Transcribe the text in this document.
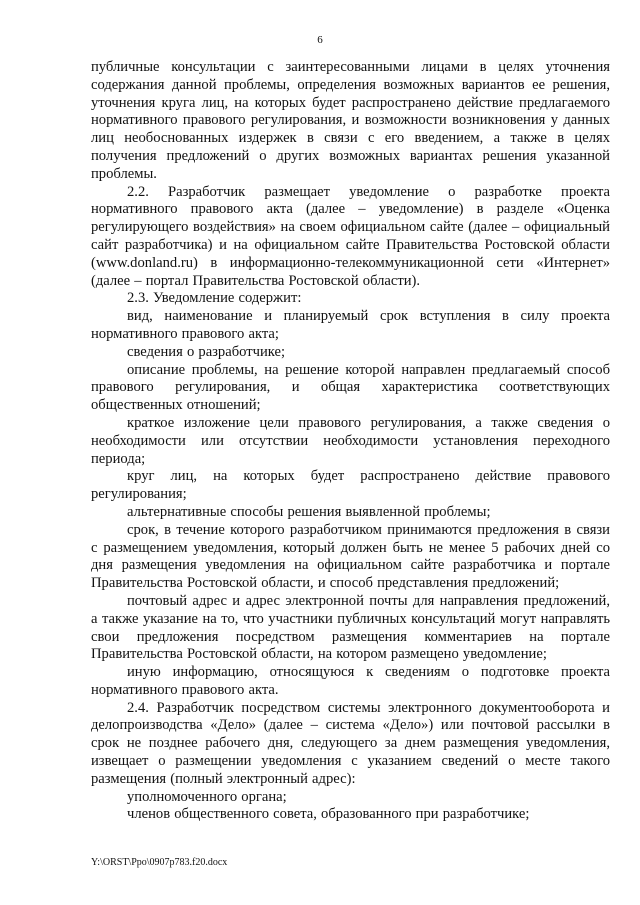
6

публичные консультации с заинтересованными лицами в целях уточнения содержания данной проблемы, определения возможных вариантов ее решения, уточнения круга лиц, на которых будет распространено действие предлагаемого нормативного правового регулирования, и возможности возникновения у данных лиц необоснованных издержек в связи с его введением, а также в целях получения предложений о других возможных вариантах решения указанной проблемы.

2.2. Разработчик размещает уведомление о разработке проекта нормативного правового акта (далее – уведомление) в разделе «Оценка регулирующего воздействия» на своем официальном сайте (далее – официальный сайт разработчика) и на официальном сайте Правительства Ростовской области (www.donland.ru) в информационно-телекоммуникационной сети «Интернет» (далее – портал Правительства Ростовской области).

2.3. Уведомление содержит:

вид, наименование и планируемый срок вступления в силу проекта нормативного правового акта;

сведения о разработчике;

описание проблемы, на решение которой направлен предлагаемый способ правового регулирования, и общая характеристика соответствующих общественных отношений;

краткое изложение цели правового регулирования, а также сведения о необходимости или отсутствии необходимости установления переходного периода;

круг лиц, на которых будет распространено действие правового регулирования;

альтернативные способы решения выявленной проблемы;

срок, в течение которого разработчиком принимаются предложения в связи с размещением уведомления, который должен быть не менее 5 рабочих дней со дня размещения уведомления на официальном сайте разработчика и портале Правительства Ростовской области, и способ представления предложений;

почтовый адрес и адрес электронной почты для направления предложений, а также указание на то, что участники публичных консультаций могут направлять свои предложения посредством размещения комментариев на портале Правительства Ростовской области, на котором размещено уведомление;

иную информацию, относящуюся к сведениям о подготовке проекта нормативного правового акта.

2.4. Разработчик посредством системы электронного документооборота и делопроизводства «Дело» (далее – система «Дело») или почтовой рассылки в срок не позднее рабочего дня, следующего за днем размещения уведомления, извещает о размещении уведомления с указанием сведений о месте такого размещения (полный электронный адрес):

уполномоченного органа;

членов общественного совета, образованного при разработчике;

Y:\ORST\Ppo\0907p783.f20.docx
